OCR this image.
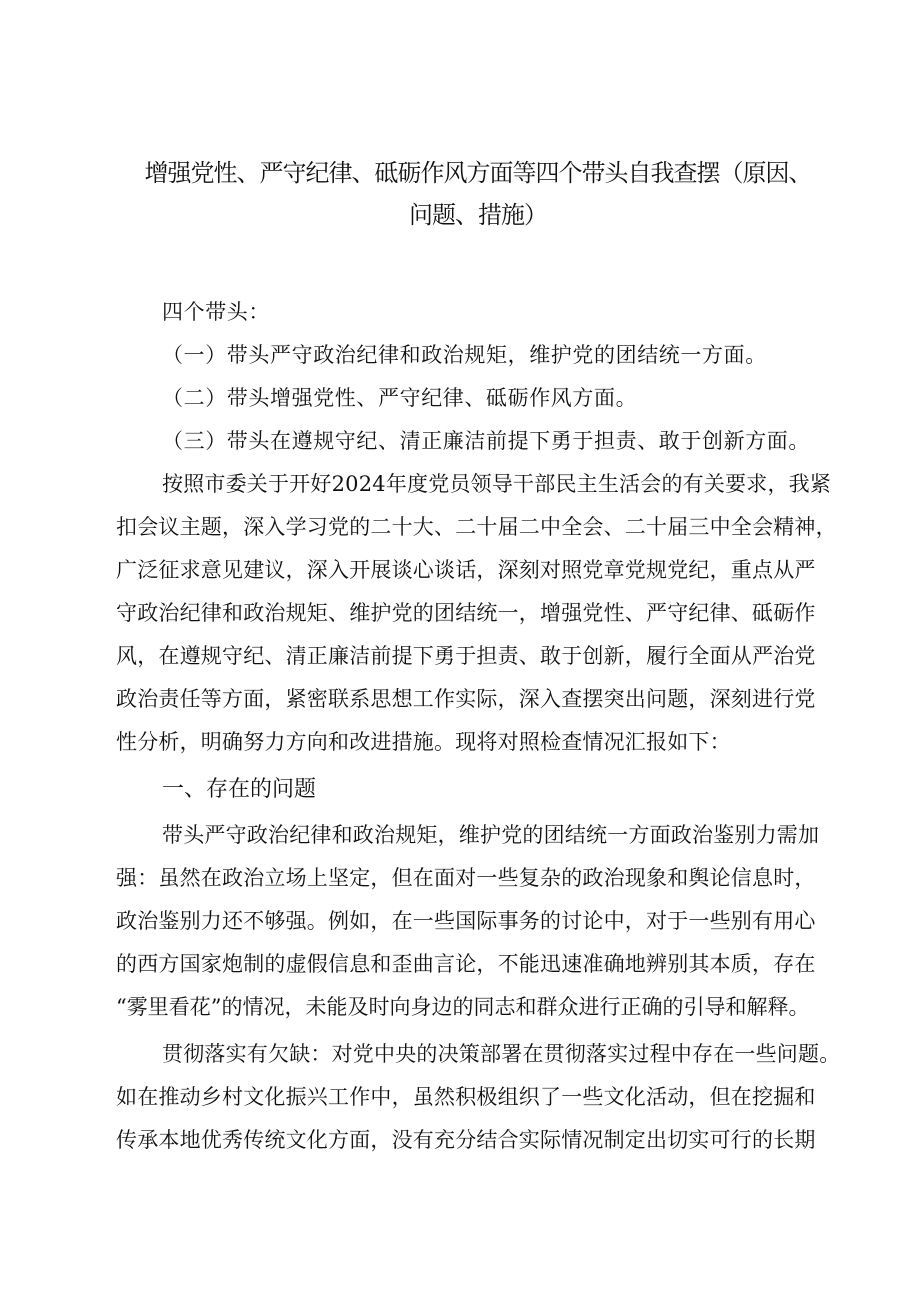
增强党性、严守纪律、砥砺作风方面等四个带头自我查摆（原因、
问题、措施）
四个带头：
（一）带头严守政治纪律和政治规矩，维护党的团结统一方面。
（二）带头增强党性、严守纪律、砥砺作风方面。
（三）带头在遵规守纪、清正廉洁前提下勇于担责、敢于创新方面。
按照市委关于开好2024年度党员领导干部民主生活会的有关要求，我紧
扣会议主题，深入学习党的二十大、二十届二中全会、二十届三中全会精神，
广泛征求意见建议，深入开展谈心谈话，深刻对照党章党规党纪，重点从严
守政治纪律和政治规矩、维护党的团结统一，增强党性、严守纪律、砥砺作
风，在遵规守纪、清正廉洁前提下勇于担责、敢于创新，履行全面从严治党
政治责任等方面，紧密联系思想工作实际，深入查摆突出问题，深刻进行党
性分析，明确努力方向和改进措施。现将对照检查情况汇报如下：
一、存在的问题
带头严守政治纪律和政治规矩，维护党的团结统一方面政治鉴别力需加
强：虽然在政治立场上坚定，但在面对一些复杂的政治现象和舆论信息时，
政治鉴别力还不够强。例如，在一些国际事务的讨论中，对于一些别有用心
的西方国家炮制的虚假信息和歪曲言论，不能迅速准确地辨别其本质，存在
“雾里看花”的情况，未能及时向身边的同志和群众进行正确的引导和解释。
贯彻落实有欠缺：对党中央的决策部署在贯彻落实过程中存在一些问题。
如在推动乡村文化振兴工作中，虽然积极组织了一些文化活动，但在挖掘和
传承本地优秀传统文化方面，没有充分结合实际情况制定出切实可行的长期
